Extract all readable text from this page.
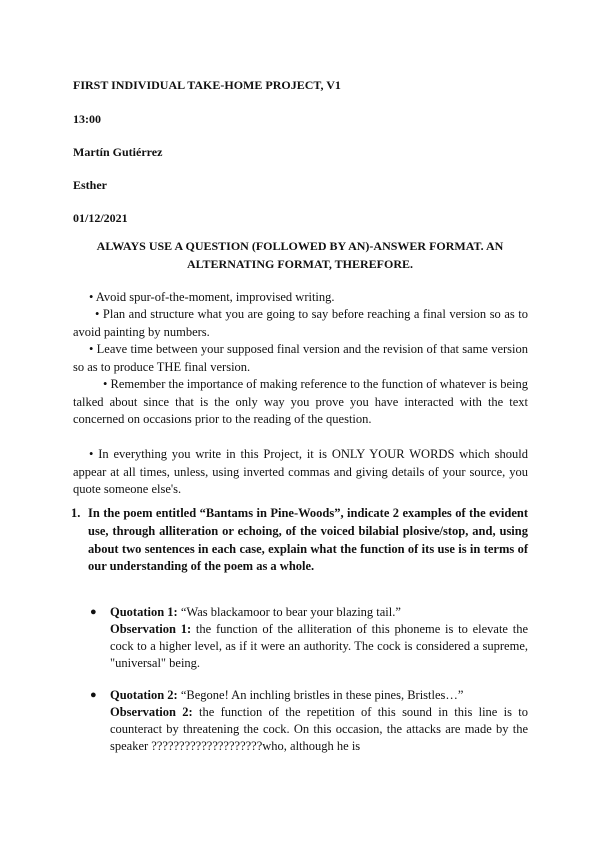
FIRST INDIVIDUAL TAKE-HOME PROJECT, V1
13:00
Martín Gutiérrez
Esther
01/12/2021
ALWAYS USE A QUESTION (FOLLOWED BY AN)-ANSWER FORMAT. AN
ALTERNATING FORMAT, THEREFORE.
• Avoid spur-of-the-moment, improvised writing.
• Plan and structure what you are going to say before reaching a final version so as to avoid painting by numbers.
• Leave time between your supposed final version and the revision of that same version so as to produce THE final version.
• Remember the importance of making reference to the function of whatever is being talked about since that is the only way you prove you have interacted with the text concerned on occasions prior to the reading of the question.
• In everything you write in this Project, it is ONLY YOUR WORDS which should appear at all times, unless, using inverted commas and giving details of your source, you quote someone else's.
1. In the poem entitled “Bantams in Pine-Woods”, indicate 2 examples of the evident use, through alliteration or echoing, of the voiced bilabial plosive/stop, and, using about two sentences in each case, explain what the function of its use is in terms of our understanding of the poem as a whole.
● Quotation 1: “Was blackamoor to bear your blazing tail.”
Observation 1: the function of the alliteration of this phoneme is to elevate the cock to a higher level, as if it were an authority. The cock is considered a supreme, "universal" being.
● Quotation 2: “Begone! An inchling bristles in these pines, Bristles…”
Observation 2: the function of the repetition of this sound in this line is to counteract by threatening the cock. On this occasion, the attacks are made by the speaker ????????????????????who, although he is
